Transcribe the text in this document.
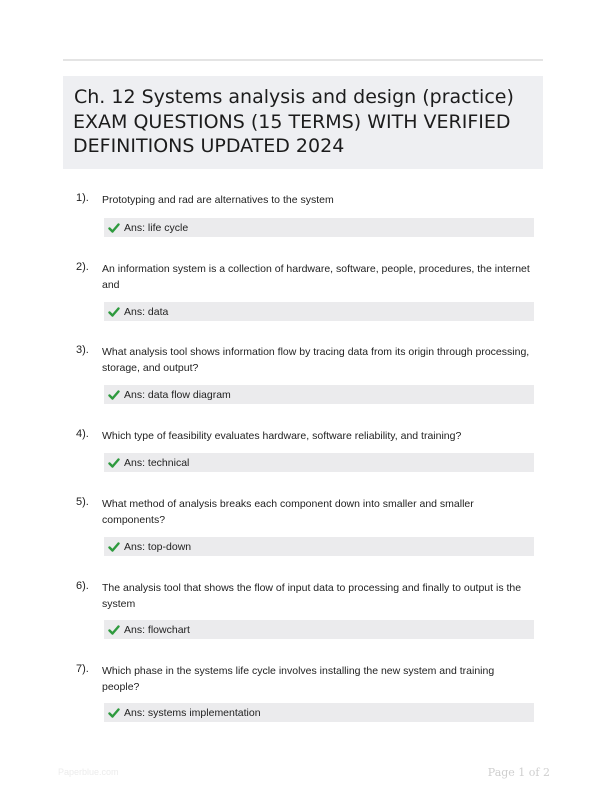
Ch. 12 Systems analysis and design (practice)
EXAM QUESTIONS (15 TERMS) WITH VERIFIED
DEFINITIONS UPDATED 2024
1). Prototyping and rad are alternatives to the system
Ans: life cycle
2). An information system is a collection of hardware, software, people, procedures, the internet and
Ans: data
3). What analysis tool shows information flow by tracing data from its origin through processing, storage, and output?
Ans: data flow diagram
4). Which type of feasibility evaluates hardware, software reliability, and training?
Ans: technical
5). What method of analysis breaks each component down into smaller and smaller components?
Ans: top-down
6). The analysis tool that shows the flow of input data to processing and finally to output is the system
Ans: flowchart
7). Which phase in the systems life cycle involves installing the new system and training people?
Ans: systems implementation
Paperblue.com	Page 1 of 2
